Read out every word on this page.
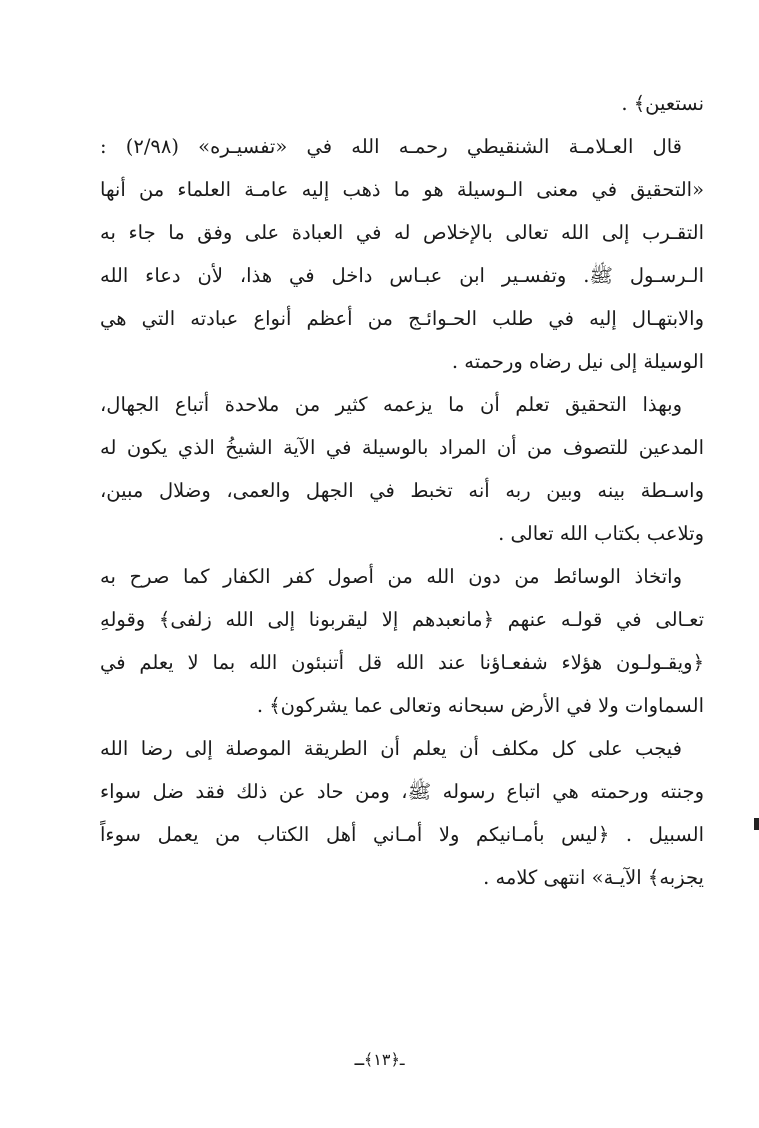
نستعين﴾ .
قال العـلامـة الشنقيطي رحمـه الله في «تفسيـره» (٢/٩٨) :
«التحقيق في معنى الـوسيلة هو ما ذهب إليه عامـة العلماء من أنها
التقـرب إلى الله تعالى بالإخلاص له في العبادة على وفق ما جاء به
الـرسـول ﷺ. وتفسـير ابن عبـاس داخل في هذا، لأن دعاء الله
والابتهـال إليه في طلب الحـوائـج من أعظم أنواع عبادته التي هي
الوسيلة إلى نيل رضاه ورحمته .
وبهذا التحقيق تعلم أن ما يزعمه كثير من ملاحدة أتباع الجهال،
المدعين للتصوف من أن المراد بالوسيلة في الآية الشيخُ الذي يكون له
واسـطة بينه وبين ربه أنه تخبط في الجهل والعمى، وضلال مبين،
وتلاعب بكتاب الله تعالى .
واتخاذ الوسائط من دون الله من أصول كفر الكفار كما صرح به
تعـالى في قولـه عنهم ﴿مانعبدهم إلا ليقربونا إلى الله زلفى﴾ وقولهِ
﴿ويقـولـون هؤلاء شفعـاؤنا عند الله قل أتنبئون الله بما لا يعلم في
السماوات ولا في الأرض سبحانه وتعالى عما يشركون﴾ .
فيجب على كل مكلف أن يعلم أن الطريقة الموصلة إلى رضا الله
وجنته ورحمته هي اتباع رسوله ﷺ، ومن حاد عن ذلك فقد ضل سواء
السبيل . ﴿ليس بأمـانيكم ولا أمـاني أهل الكتاب من يعمل سوءاً
يجزبه﴾ الآيـة» انتهى كلامه .
ـ﴿١٣﴾ـ
